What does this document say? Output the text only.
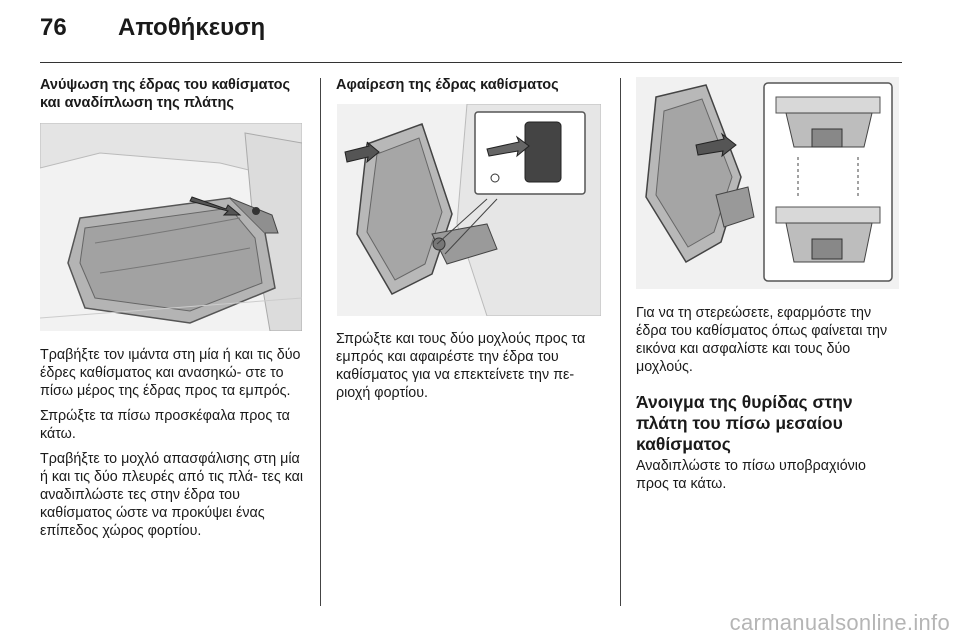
76 Αποθήκευση
Ανύψωση της έδρας του καθίσματος και αναδίπλωση της πλάτης

Τραβήξτε τον ιμάντα στη μία ή και τις δύο έδρες καθίσματος και ανασηκώ- στε το πίσω μέρος της έδρας προς τα εμπρός.

Σπρώξτε τα πίσω προσκέφαλα προς τα κάτω.

Τραβήξτε το μοχλό απασφάλισης στη μία ή και τις δύο πλευρές από τις πλά- τες και αναδιπλώστε τες στην έδρα του καθίσματος ώστε να προκύψει ένας επίπεδος χώρος φορτίου.

Αφαίρεση της έδρας καθίσματος

Σπρώξτε και τους δύο μοχλούς προς τα εμπρός και αφαιρέστε την έδρα του καθίσματος για να επεκτείνετε την πε- ριοχή φορτίου.

Για να τη στερεώσετε, εφαρμόστε την έδρα του καθίσματος όπως φαίνεται την εικόνα και ασφαλίστε και τους δύο μοχλούς.

Άνοιγμα της θυρίδας στην πλάτη του πίσω μεσαίου καθίσματος

Αναδιπλώστε το πίσω υποβραχιόνιο προς τα κάτω.

carmanualsonline.info
